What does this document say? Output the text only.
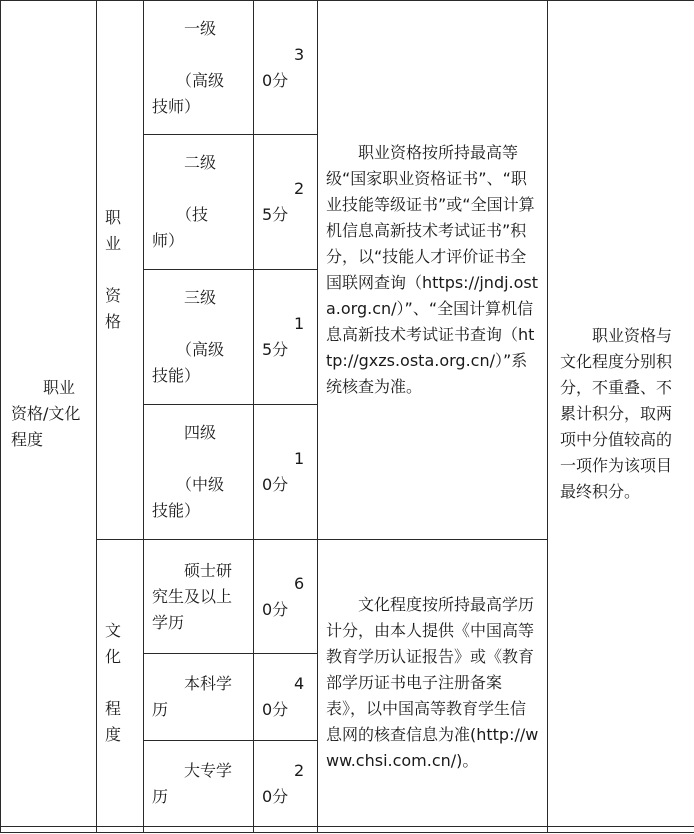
　　职业
资格/文化
程度	职
业

资
格	　　一级

　　（高级
技师）	　　3
0分	　　职业资格按所持最高等级“国家职业资格证书”、“职业技能等级证书”或“全国计算机信息高新技术考试证书”积分，以“技能人才评价证书全国联网查询（https://jndj.osta.org.cn/）”、“全国计算机信息高新技术考试证书查询（http://gxzs.osta.org.cn/）”系统核查为准。	　　职业资格与文化程度分别积分，不重叠、不累计积分，取两项中分值较高的一项作为该项目最终积分。

		　　二级

　　（技
师）	　　2
5分		

		　　三级

　　（高级
技能）	　　1
5分		

		　　四级

　　（中级
技能）	　　1
0分		

	文
化

程
度	　　硕士研
究生及以上
学历	　　6
0分	　　文化程度按所持最高学历计分，由本人提供《中国高等教育学历认证报告》或《教育部学历证书电子注册备案表》，以中国高等教育学生信息网的核查信息为准(http://www.chsi.com.cn/)。	

		　　本科学
历	　　4
0分		

		　　大专学
历	　　2
0分		
